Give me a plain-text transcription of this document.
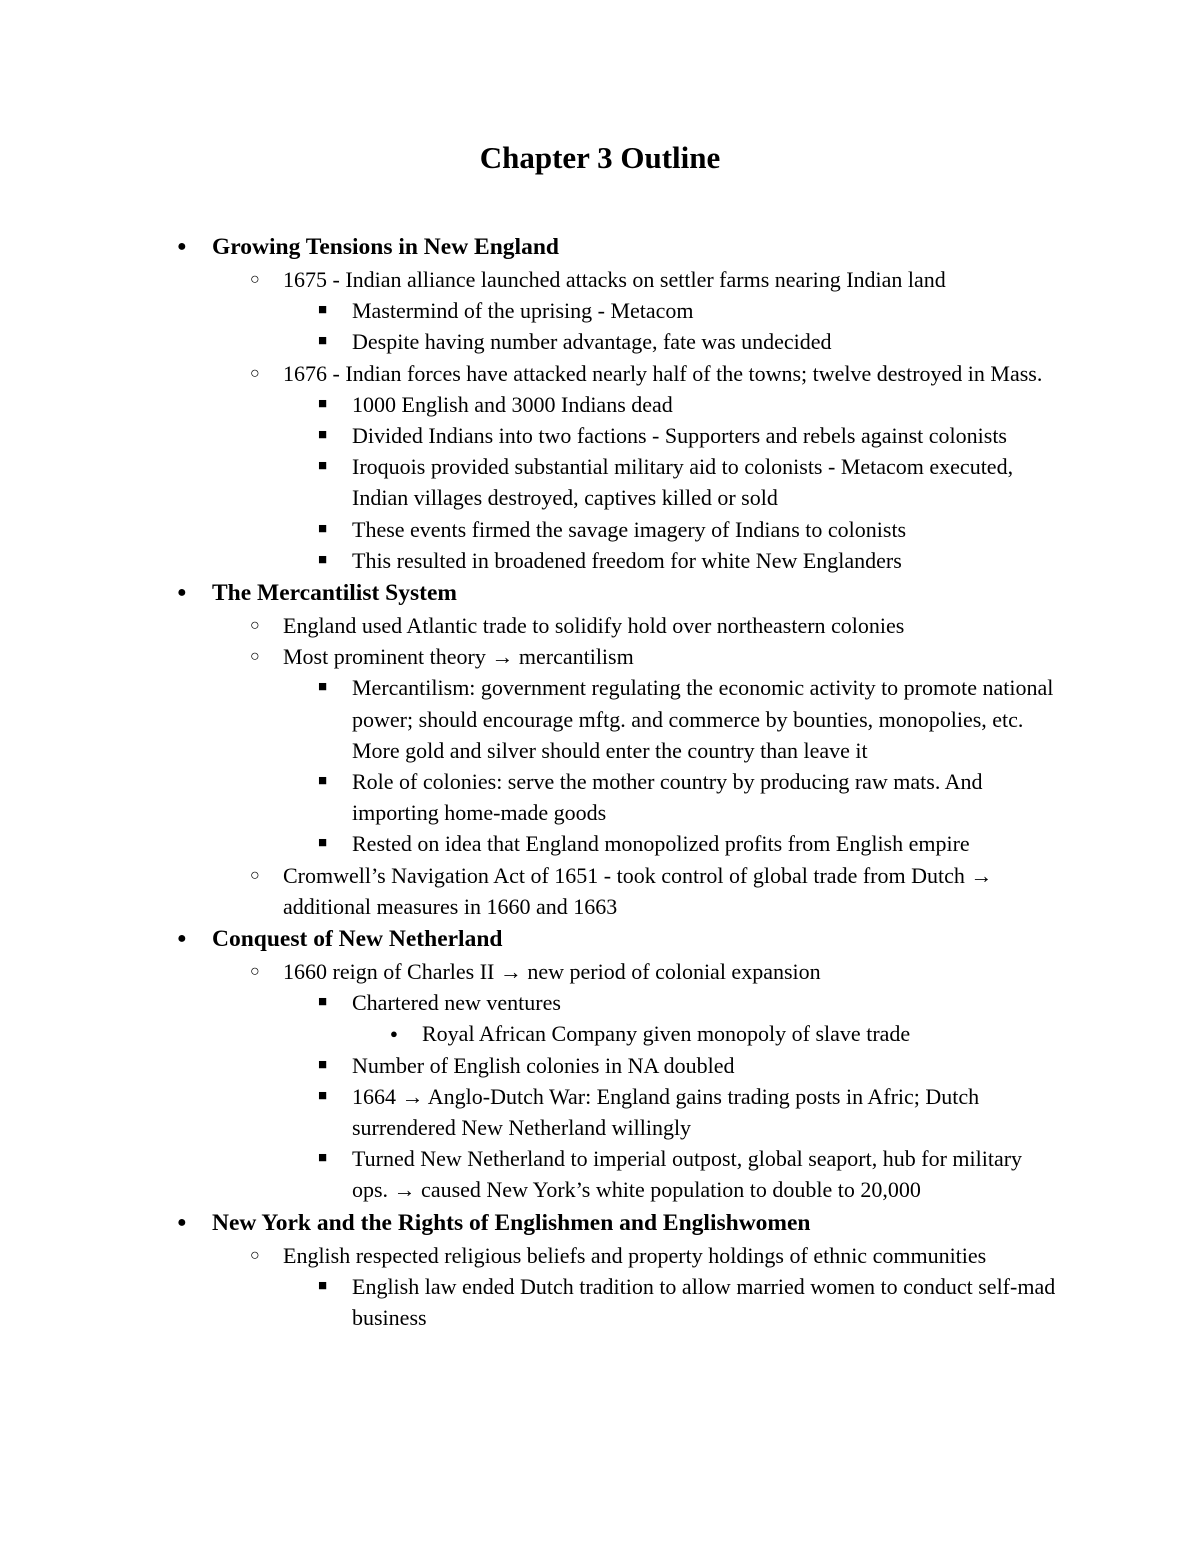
Chapter 3 Outline
● Growing Tensions in New England
○ 1675 - Indian alliance launched attacks on settler farms nearing Indian land
■ Mastermind of the uprising - Metacom
■ Despite having number advantage, fate was undecided
○ 1676 - Indian forces have attacked nearly half of the towns; twelve destroyed in Mass.
■ 1000 English and 3000 Indians dead
■ Divided Indians into two factions - Supporters and rebels against colonists
■ Iroquois provided substantial military aid to colonists - Metacom executed, Indian villages destroyed, captives killed or sold
■ These events firmed the savage imagery of Indians to colonists
■ This resulted in broadened freedom for white New Englanders
● The Mercantilist System
○ England used Atlantic trade to solidify hold over northeastern colonies
○ Most prominent theory → mercantilism
■ Mercantilism: government regulating the economic activity to promote national power; should encourage mftg. and commerce by bounties, monopolies, etc. More gold and silver should enter the country than leave it
■ Role of colonies: serve the mother country by producing raw mats. And importing home-made goods
■ Rested on idea that England monopolized profits from English empire
○ Cromwell’s Navigation Act of 1651 - took control of global trade from Dutch → additional measures in 1660 and 1663
● Conquest of New Netherland
○ 1660 reign of Charles II → new period of colonial expansion
■ Chartered new ventures
● Royal African Company given monopoly of slave trade
■ Number of English colonies in NA doubled
■ 1664 → Anglo-Dutch War: England gains trading posts in Afric; Dutch surrendered New Netherland willingly
■ Turned New Netherland to imperial outpost, global seaport, hub for military ops. → caused New York’s white population to double to 20,000
● New York and the Rights of Englishmen and Englishwomen
○ English respected religious beliefs and property holdings of ethnic communities
■ English law ended Dutch tradition to allow married women to conduct self-mad business
